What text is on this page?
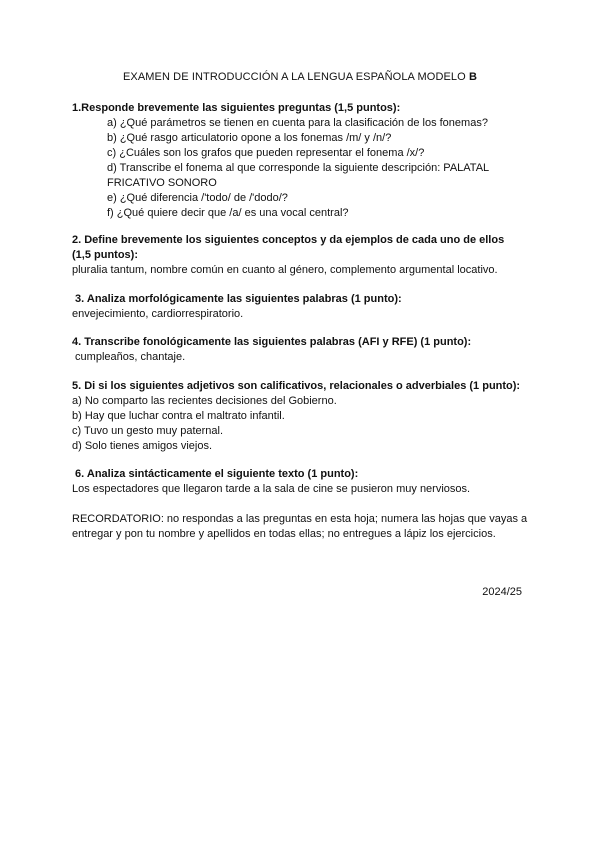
EXAMEN DE INTRODUCCIÓN A LA LENGUA ESPAÑOLA MODELO B
1.Responde brevemente las siguientes preguntas (1,5 puntos):
a) ¿Qué parámetros se tienen en cuenta para la clasificación de los fonemas?
b) ¿Qué rasgo articulatorio opone a los fonemas /m/ y /n/?
c) ¿Cuáles son los grafos que pueden representar el fonema /x/?
d) Transcribe el fonema al que corresponde la siguiente descripción: PALATAL FRICATIVO SONORO
e) ¿Qué diferencia /'todo/ de /'dodo/?
f) ¿Qué quiere decir que /a/ es una vocal central?
2. Define brevemente los siguientes conceptos y da ejemplos de cada uno de ellos (1,5 puntos):
pluralia tantum, nombre común en cuanto al género, complemento argumental locativo.
3. Analiza morfológicamente las siguientes palabras (1 punto):
envejecimiento, cardiorrespiratorio.
4. Transcribe fonológicamente las siguientes palabras (AFI y RFE) (1 punto):
cumpleaños, chantaje.
5. Di si los siguientes adjetivos son calificativos, relacionales o adverbiales (1 punto):
a) No comparto las recientes decisiones del Gobierno.
b) Hay que luchar contra el maltrato infantil.
c) Tuvo un gesto muy paternal.
d) Solo tienes amigos viejos.
6. Analiza sintácticamente el siguiente texto (1 punto):
Los espectadores que llegaron tarde a la sala de cine se pusieron muy nerviosos.
RECORDATORIO: no respondas a las preguntas en esta hoja; numera las hojas que vayas a entregar y pon tu nombre y apellidos en todas ellas; no entregues a lápiz los ejercicios.
2024/25
